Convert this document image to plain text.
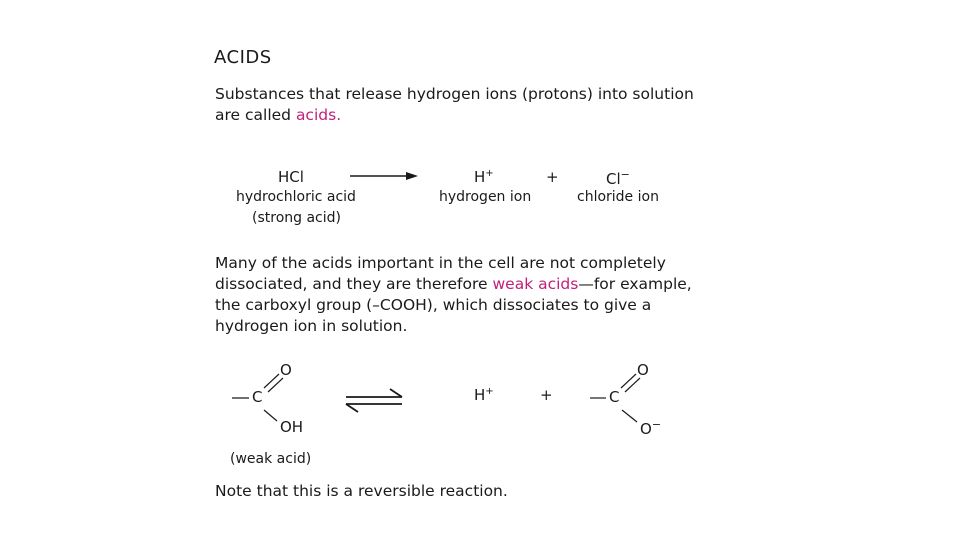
ACIDS
Substances that release hydrogen ions (protons) into solution
are called acids.
HCl
hydrochloric acid
(strong acid)
H+	+	Cl−
hydrogen ion	chloride ion
Many of the acids important in the cell are not completely
dissociated, and they are therefore weak acids—for example,
the carboxyl group (–COOH), which dissociates to give a
hydrogen ion in solution.
O
C
OH
(weak acid)
H+	+
O
C
O−
Note that this is a reversible reaction.
